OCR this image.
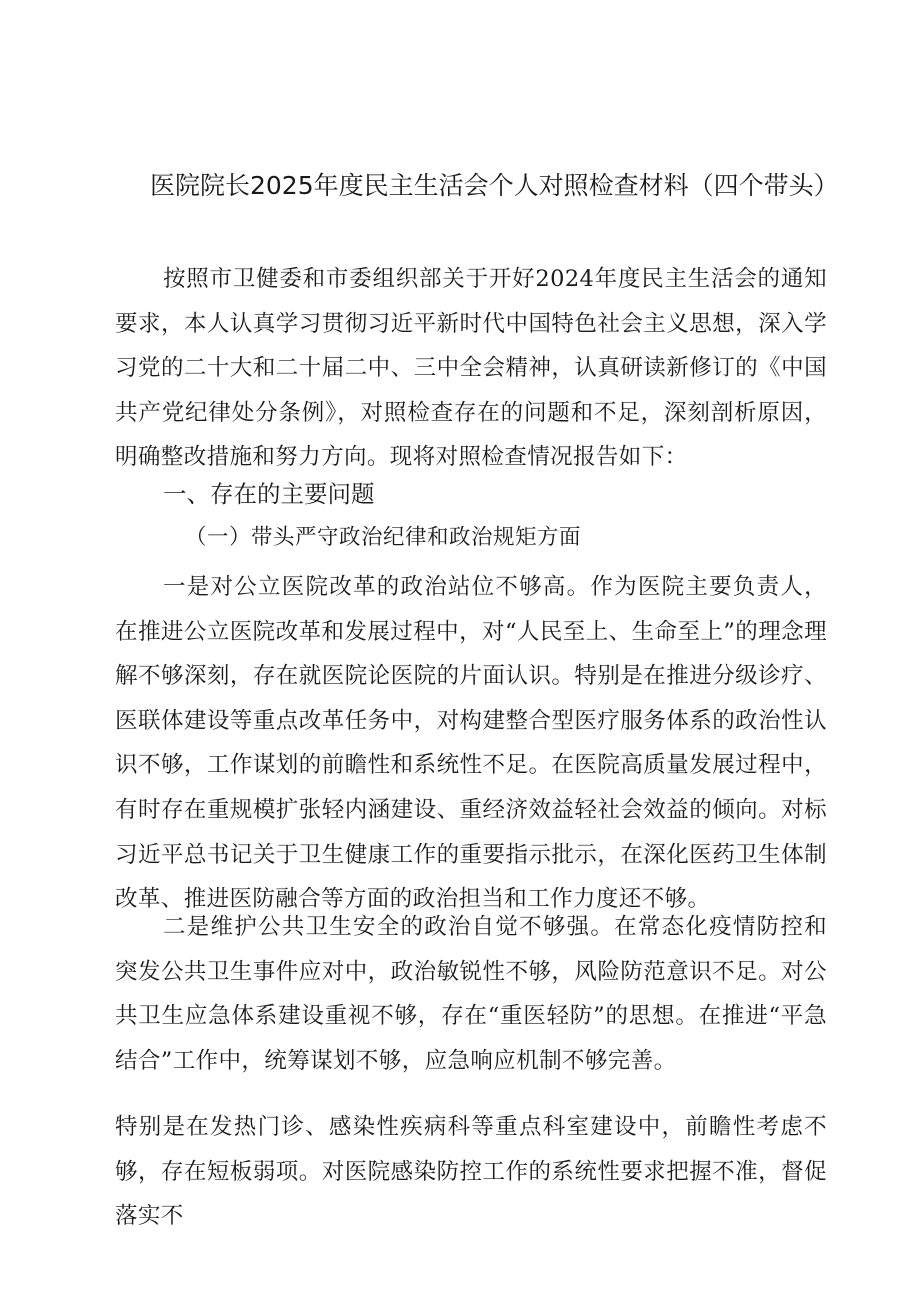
医院院长2025年度民主生活会个人对照检查材料（四个带头）

按照市卫健委和市委组织部关于开好2024年度民主生活会的通知要求，本人认真学习贯彻习近平新时代中国特色社会主义思想，深入学习党的二十大和二十届二中、三中全会精神，认真研读新修订的《中国共产党纪律处分条例》，对照检查存在的问题和不足，深刻剖析原因，明确整改措施和努力方向。现将对照检查情况报告如下：

一、存在的主要问题
（一）带头严守政治纪律和政治规矩方面

一是对公立医院改革的政治站位不够高。作为医院主要负责人，在推进公立医院改革和发展过程中，对“人民至上、生命至上”的理念理解不够深刻，存在就医院论医院的片面认识。特别是在推进分级诊疗、医联体建设等重点改革任务中，对构建整合型医疗服务体系的政治性认识不够，工作谋划的前瞻性和系统性不足。在医院高质量发展过程中，有时存在重规模扩张轻内涵建设、重经济效益轻社会效益的倾向。对标习近平总书记关于卫生健康工作的重要指示批示，在深化医药卫生体制改革、推进医防融合等方面的政治担当和工作力度还不够。

二是维护公共卫生安全的政治自觉不够强。在常态化疫情防控和突发公共卫生事件应对中，政治敏锐性不够，风险防范意识不足。对公共卫生应急体系建设重视不够，存在“重医轻防”的思想。在推进“平急结合”工作中，统筹谋划不够，应急响应机制不够完善。

特别是在发热门诊、感染性疾病科等重点科室建设中，前瞻性考虑不够，存在短板弱项。对医院感染防控工作的系统性要求把握不准，督促落实不
